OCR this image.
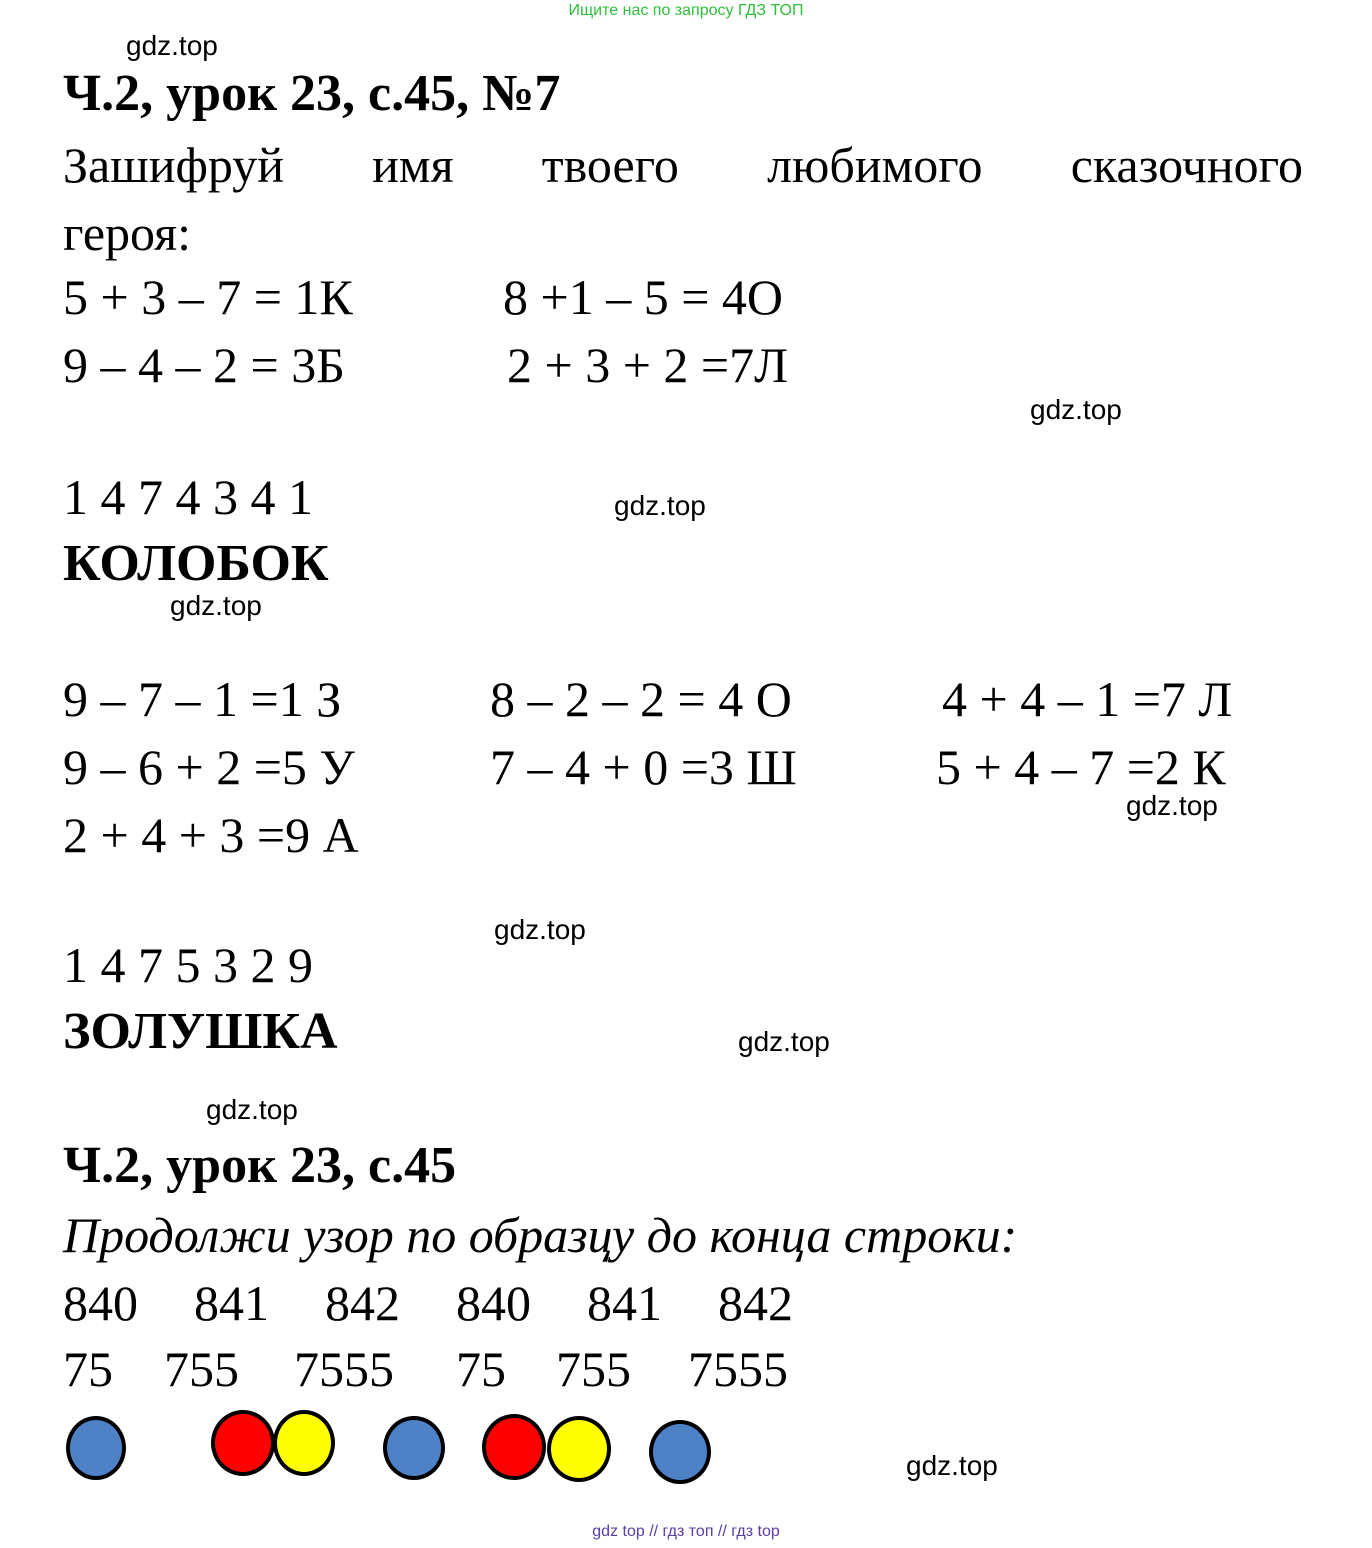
Ищите нас по запросу ГДЗ ТОП
gdz.top
Ч.2, урок 23, с.45, №7
Зашифруй имя твоего любимого сказочного
героя:
5 + 3 – 7 = 1К	8 +1 – 5 = 4О
9 – 4 – 2 = 3Б	2 + 3 + 2 =7Л
gdz.top
1 4 7 4 3 4 1	gdz.top
КОЛОБОК
gdz.top
9 – 7 – 1 =1 З	8 – 2 – 2 = 4 О	4 + 4 – 1 =7 Л
9 – 6 + 2 =5 У	7 – 4 + 0 =3 Ш	5 + 4 – 7 =2 К
gdz.top
2 + 4 + 3 =9 А
gdz.top
1 4 7 5 3 2 9
ЗОЛУШКА	gdz.top
gdz.top
Ч.2, урок 23, с.45
Продолжи узор по образцу до конца строки:
840 841 842 840 841 842
75 755 7555 75 755 7555
gdz.top
gdz top // гдз топ // гдз top
